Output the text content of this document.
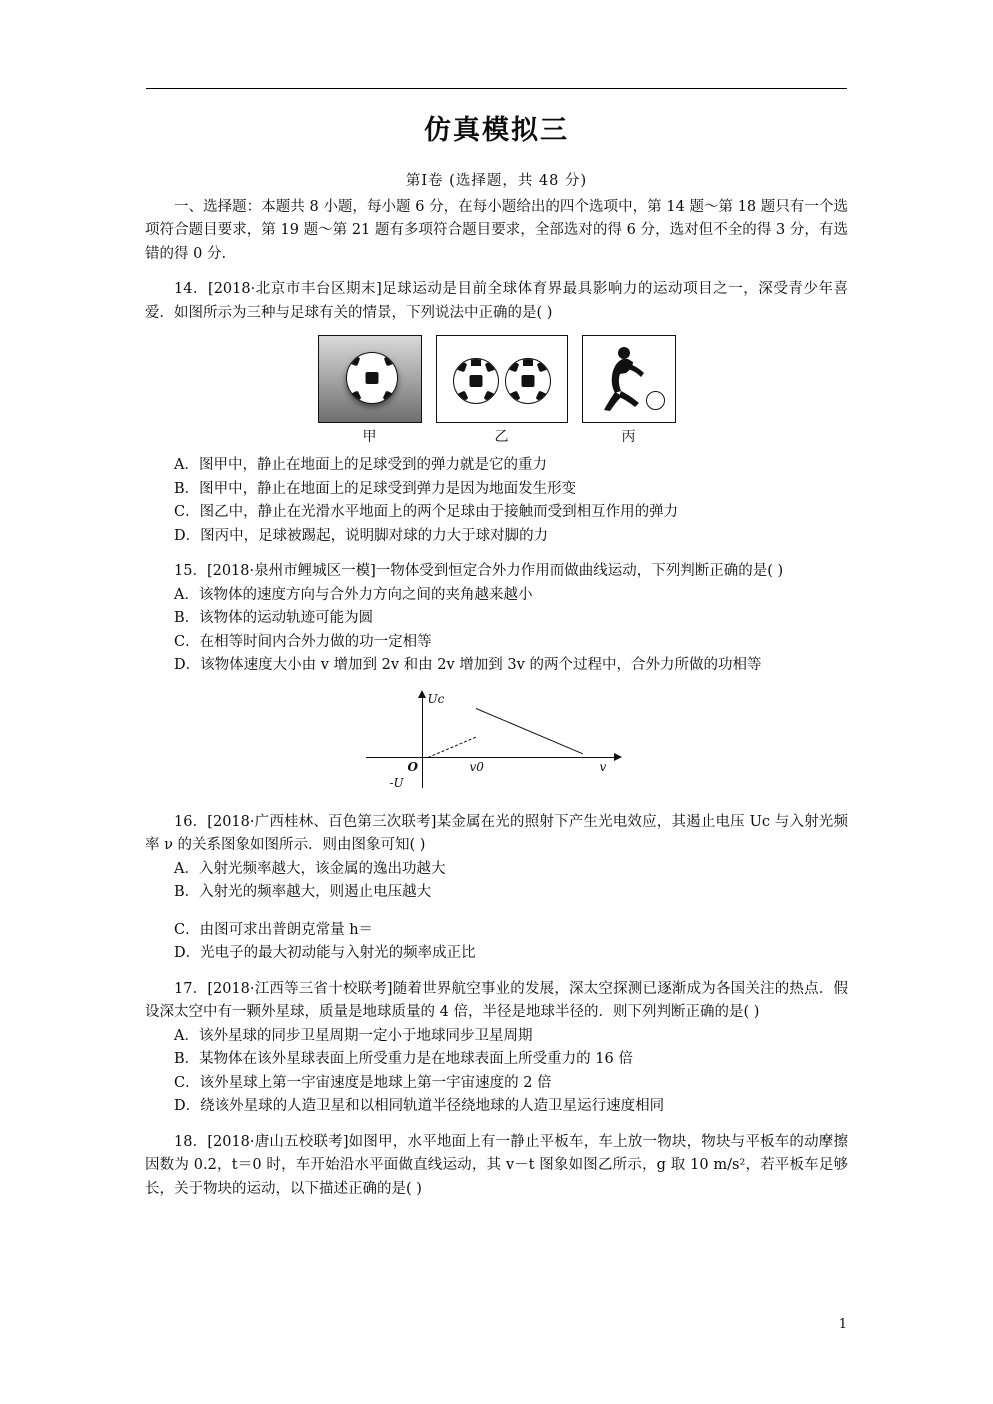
仿真模拟三
第Ⅰ卷 (选择题，共 48 分)

一、选择题：本题共 8 小题，每小题 6 分，在每小题给出的四个选项中，第 14 题～第 18 题只有一个选项符合题目要求，第 19 题～第 21 题有多项符合题目要求，全部选对的得 6 分，选对但不全的得 3 分，有选错的得 0 分.

14．[2018·北京市丰台区期末]足球运动是目前全球体育界最具影响力的运动项目之一，深受青少年喜爱．如图所示为三种与足球有关的情景，下列说法中正确的是( )

甲	乙	丙

A．图甲中，静止在地面上的足球受到的弹力就是它的重力

B．图甲中，静止在地面上的足球受到弹力是因为地面发生形变

C．图乙中，静止在光滑水平地面上的两个足球由于接触而受到相互作用的弹力

D．图丙中，足球被踢起，说明脚对球的力大于球对脚的力

15．[2018·泉州市鲤城区一模]一物体受到恒定合外力作用而做曲线运动，下列判断正确的是( )

A．该物体的速度方向与合外力方向之间的夹角越来越小

B．该物体的运动轨迹可能为圆

C．在相等时间内合外力做的功一定相等

D．该物体速度大小由 v 增加到 2v 和由 2v 增加到 3v 的两个过程中，合外力所做的功相等

Uc
O	v0	v
-U

16．[2018·广西桂林、百色第三次联考]某金属在光的照射下产生光电效应，其遏止电压 Uc 与入射光频率 ν 的关系图象如图所示．则由图象可知( )

A．入射光频率越大，该金属的逸出功越大

B．入射光的频率越大，则遏止电压越大

C．由图可求出普朗克常量 h＝

D．光电子的最大初动能与入射光的频率成正比

17．[2018·江西等三省十校联考]随着世界航空事业的发展，深太空探测已逐渐成为各国关注的热点．假设深太空中有一颗外星球，质量是地球质量的 4 倍，半径是地球半径的．则下列判断正确的是( )

A．该外星球的同步卫星周期一定小于地球同步卫星周期

B．某物体在该外星球表面上所受重力是在地球表面上所受重力的 16 倍

C．该外星球上第一宇宙速度是地球上第一宇宙速度的 2 倍

D．绕该外星球的人造卫星和以相同轨道半径绕地球的人造卫星运行速度相同

18．[2018·唐山五校联考]如图甲，水平地面上有一静止平板车，车上放一物块，物块与平板车的动摩擦因数为 0.2，t＝0 时，车开始沿水平面做直线运动，其 v－t 图象如图乙所示，g 取 10 m/s²，若平板车足够长，关于物块的运动，以下描述正确的是( )

1
